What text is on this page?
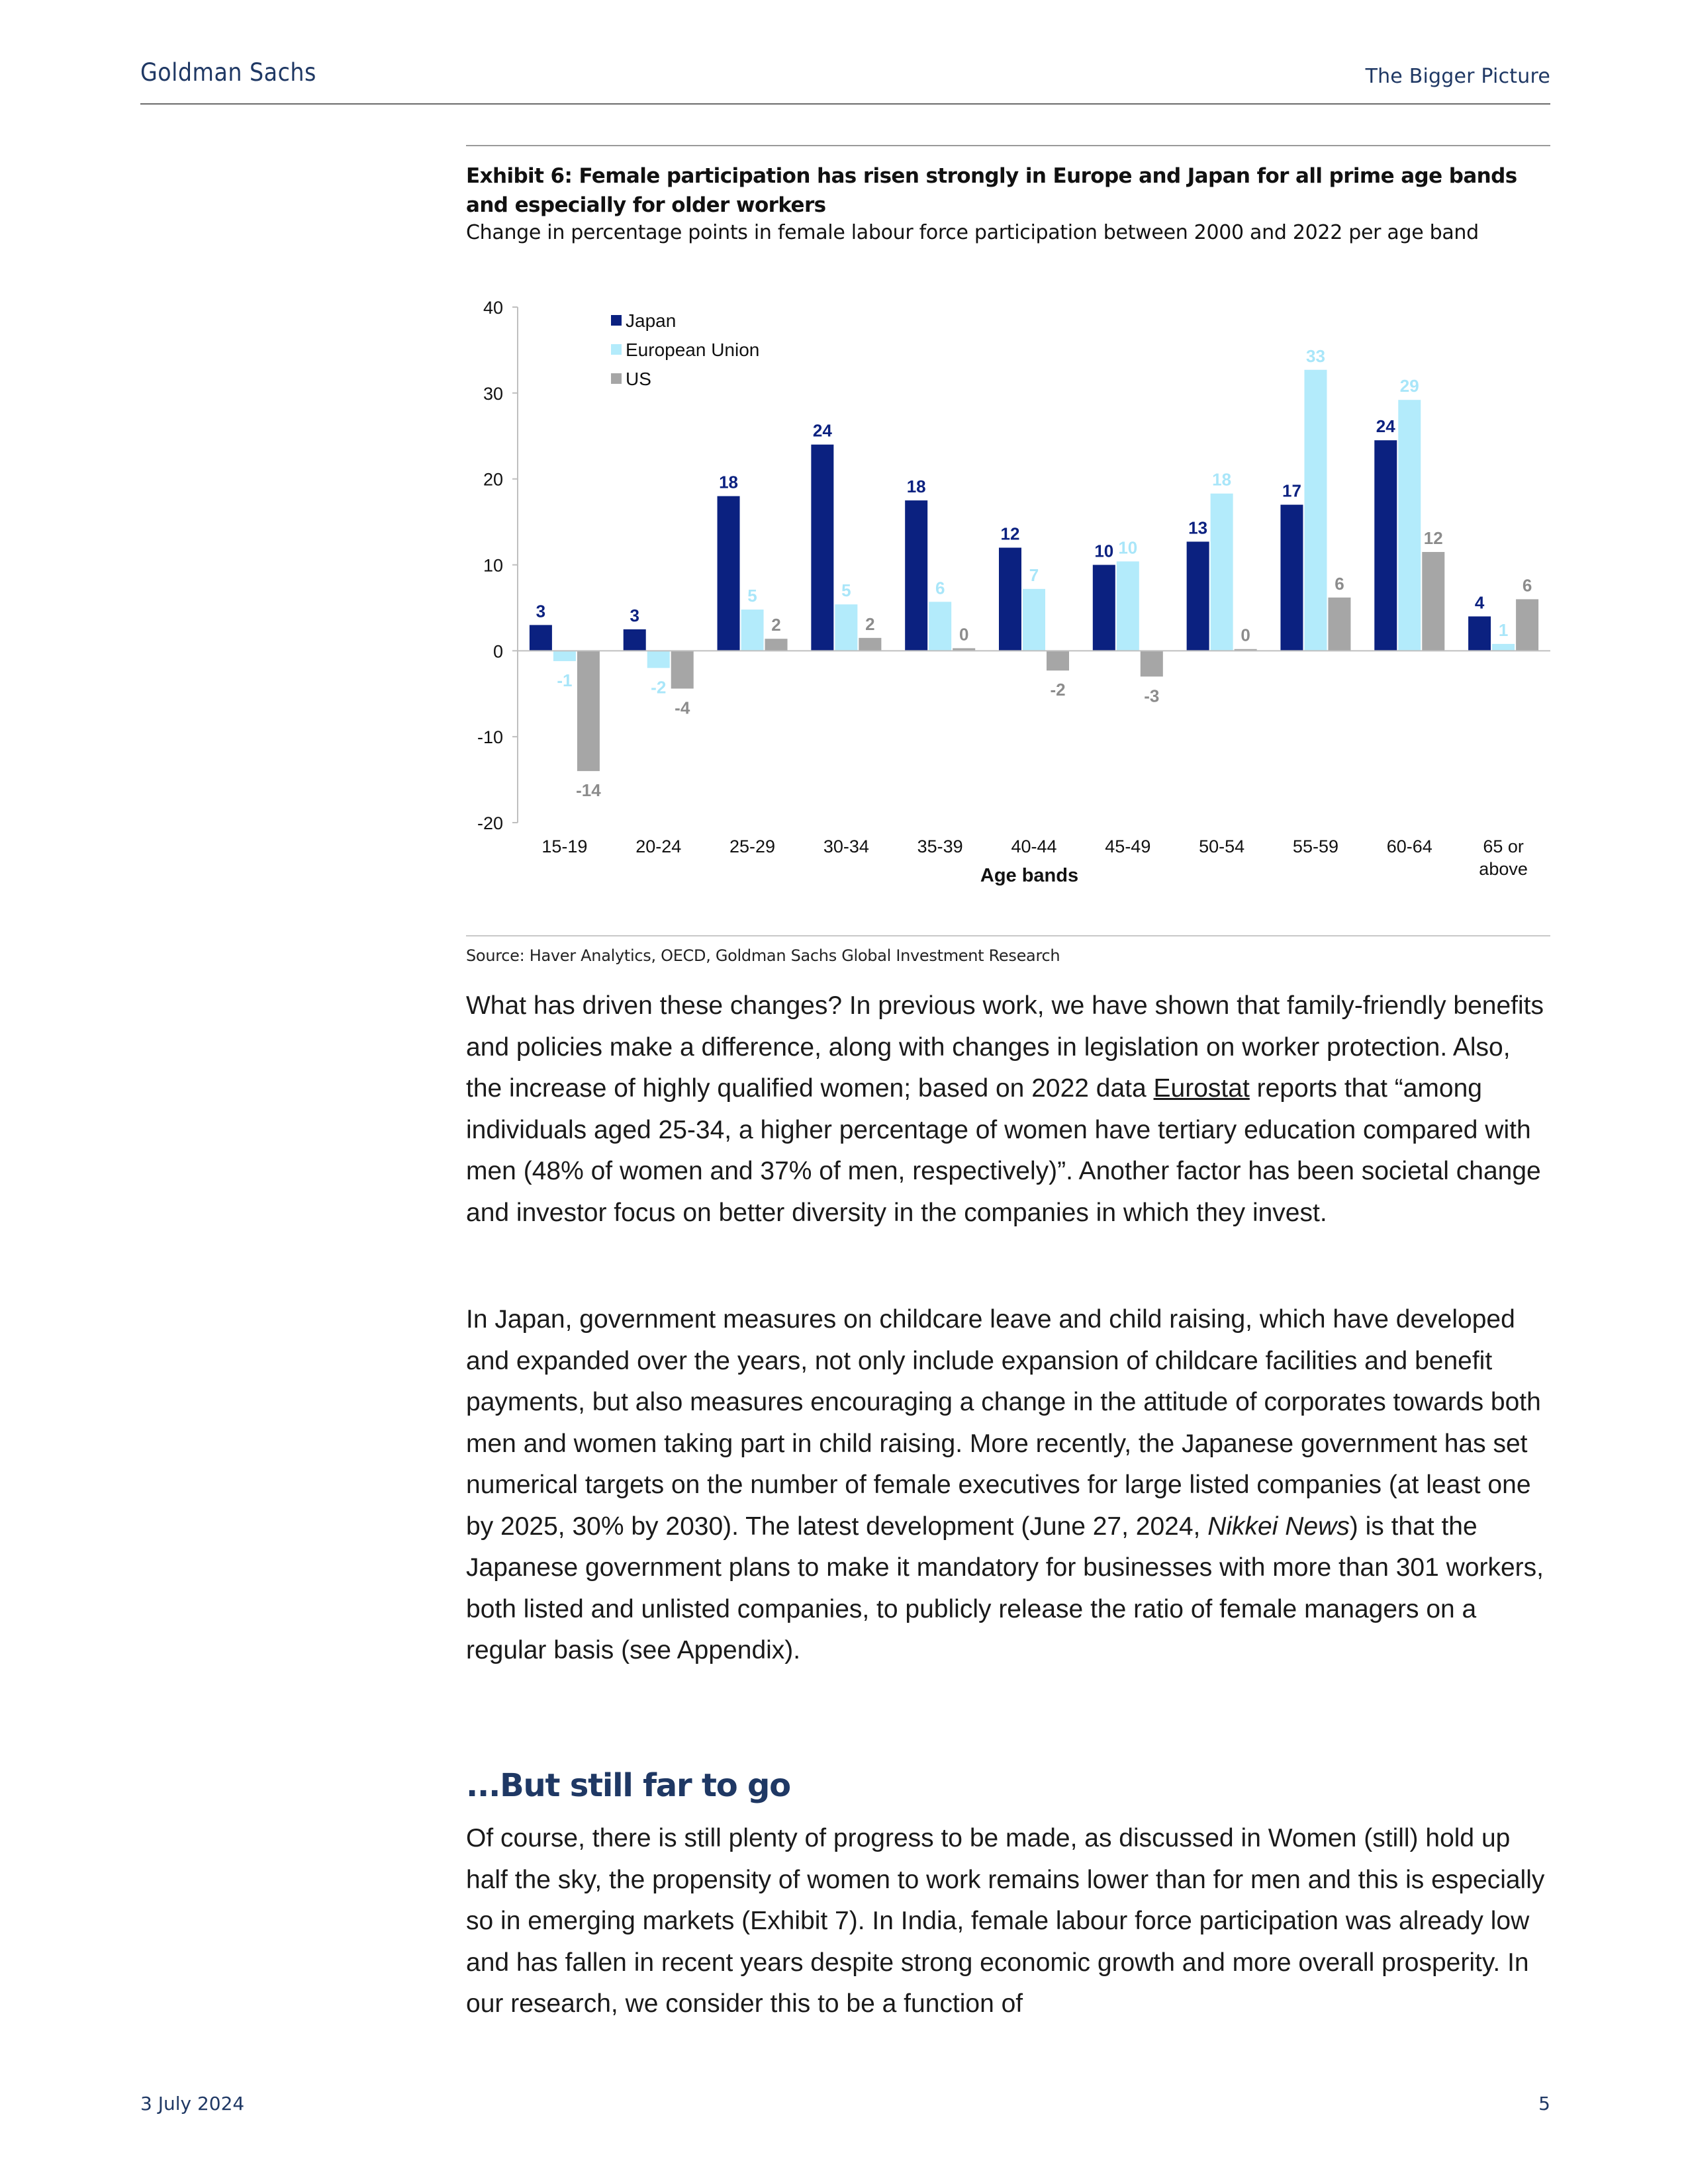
Goldman Sachs	The Bigger Picture
Exhibit 6: Female participation has risen strongly in Europe and Japan for all prime age bands and especially for older workers
Change in percentage points in female labour force participation between 2000 and 2022 per age band
-20
-10
0
10
20
30
40
3	3
18
24
18
12
10
13
17
24
4
-1	-2
5	5	6
7
10
18
33
29
1
-14
-4
2	2
0
-2	-3
0
6
12
6
15-19	20-24	25-29	30-34	35-39	40-44	45-49	50-54	55-59	60-64	65 or above
Japan
European Union
US
Age bands
Source: Haver Analytics, OECD, Goldman Sachs Global Investment Research
What has driven these changes? In previous work, we have shown that family-friendly benefits and policies make a difference, along with changes in legislation on worker protection. Also, the increase of highly qualified women; based on 2022 data Eurostat reports that “among individuals aged 25-34, a higher percentage of women have tertiary education compared with men (48% of women and 37% of men, respectively)”. Another factor has been societal change and investor focus on better diversity in the companies in which they invest.
In Japan, government measures on childcare leave and child raising, which have developed and expanded over the years, not only include expansion of childcare facilities and benefit payments, but also measures encouraging a change in the attitude of corporates towards both men and women taking part in child raising. More recently, the Japanese government has set numerical targets on the number of female executives for large listed companies (at least one by 2025, 30% by 2030). The latest development (June 27, 2024, Nikkei News) is that the Japanese government plans to make it mandatory for businesses with more than 301 workers, both listed and unlisted companies, to publicly release the ratio of female managers on a regular basis (see Appendix).
...But still far to go
Of course, there is still plenty of progress to be made, as discussed in Women (still) hold up half the sky, the propensity of women to work remains lower than for men and this is especially so in emerging markets (Exhibit 7). In India, female labour force participation was already low and has fallen in recent years despite strong economic growth and more overall prosperity. In our research, we consider this to be a function of
3 July 2024	5
